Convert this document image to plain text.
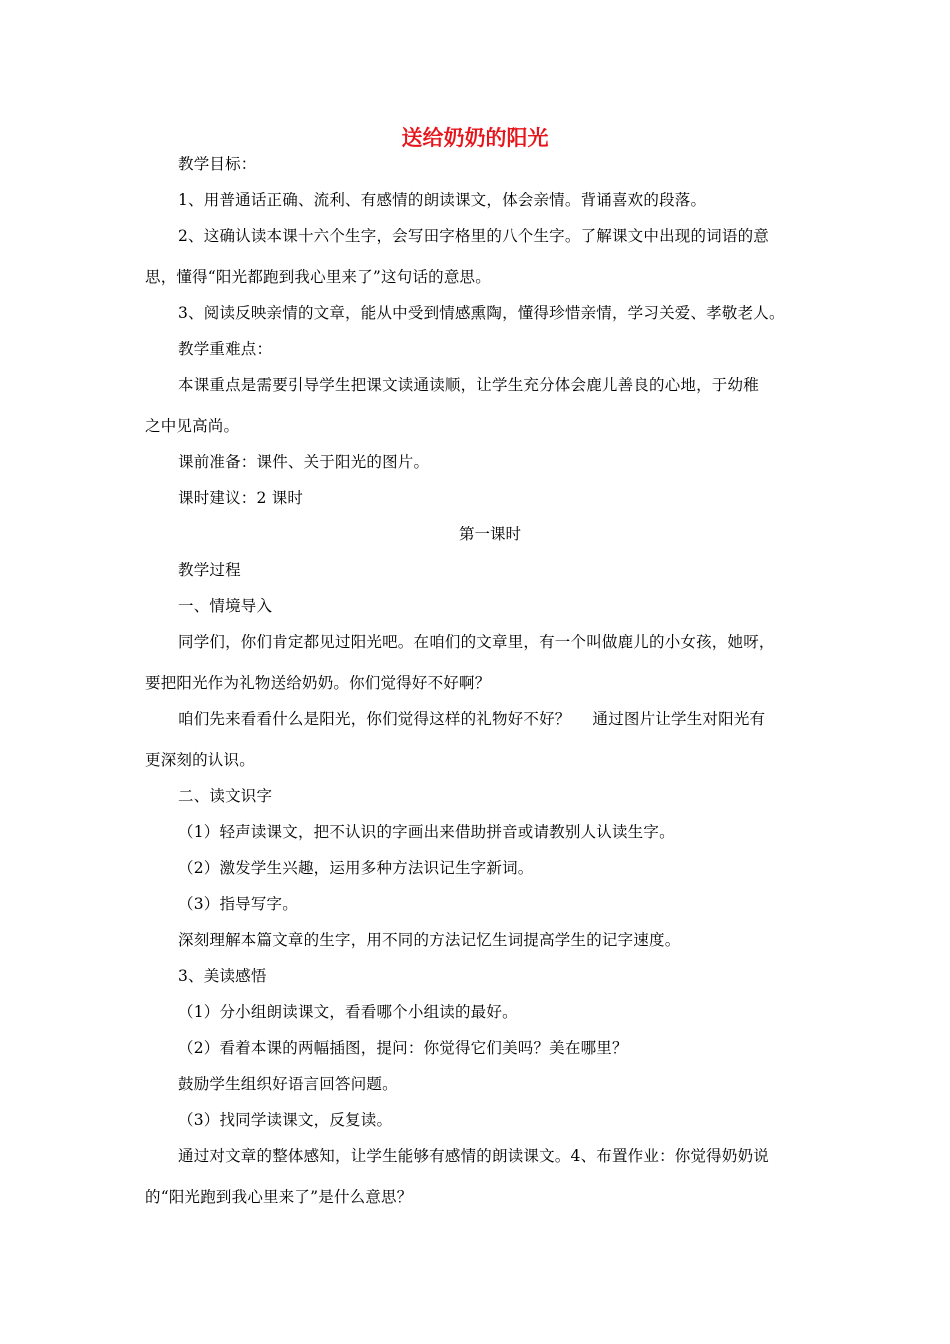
送给奶奶的阳光
教学目标：
1、用普通话正确、流利、有感情的朗读课文，体会亲情。背诵喜欢的段落。
2、这确认读本课十六个生字，会写田字格里的八个生字。了解课文中出现的词语的意
思，懂得“阳光都跑到我心里来了”这句话的意思。
3、阅读反映亲情的文章，能从中受到情感熏陶，懂得珍惜亲情，学习关爱、孝敬老人。
教学重难点：
本课重点是需要引导学生把课文读通读顺，让学生充分体会鹿儿善良的心地，于幼稚
之中见高尚。
课前准备：课件、关于阳光的图片。
课时建议：2 课时
第一课时
教学过程
一、情境导入
同学们，你们肯定都见过阳光吧。在咱们的文章里，有一个叫做鹿儿的小女孩，她呀，
要把阳光作为礼物送给奶奶。你们觉得好不好啊？
咱们先来看看什么是阳光，你们觉得这样的礼物好不好？ 通过图片让学生对阳光有
更深刻的认识。
二、读文识字
（1）轻声读课文，把不认识的字画出来借助拼音或请教别人认读生字。
（2）激发学生兴趣，运用多种方法识记生字新词。
（3）指导写字。
深刻理解本篇文章的生字，用不同的方法记忆生词提高学生的记字速度。
3、美读感悟
（1）分小组朗读课文，看看哪个小组读的最好。
（2）看着本课的两幅插图，提问：你觉得它们美吗？美在哪里？
鼓励学生组织好语言回答问题。
（3）找同学读课文，反复读。
通过对文章的整体感知，让学生能够有感情的朗读课文。4、布置作业：你觉得奶奶说
的“阳光跑到我心里来了”是什么意思？
